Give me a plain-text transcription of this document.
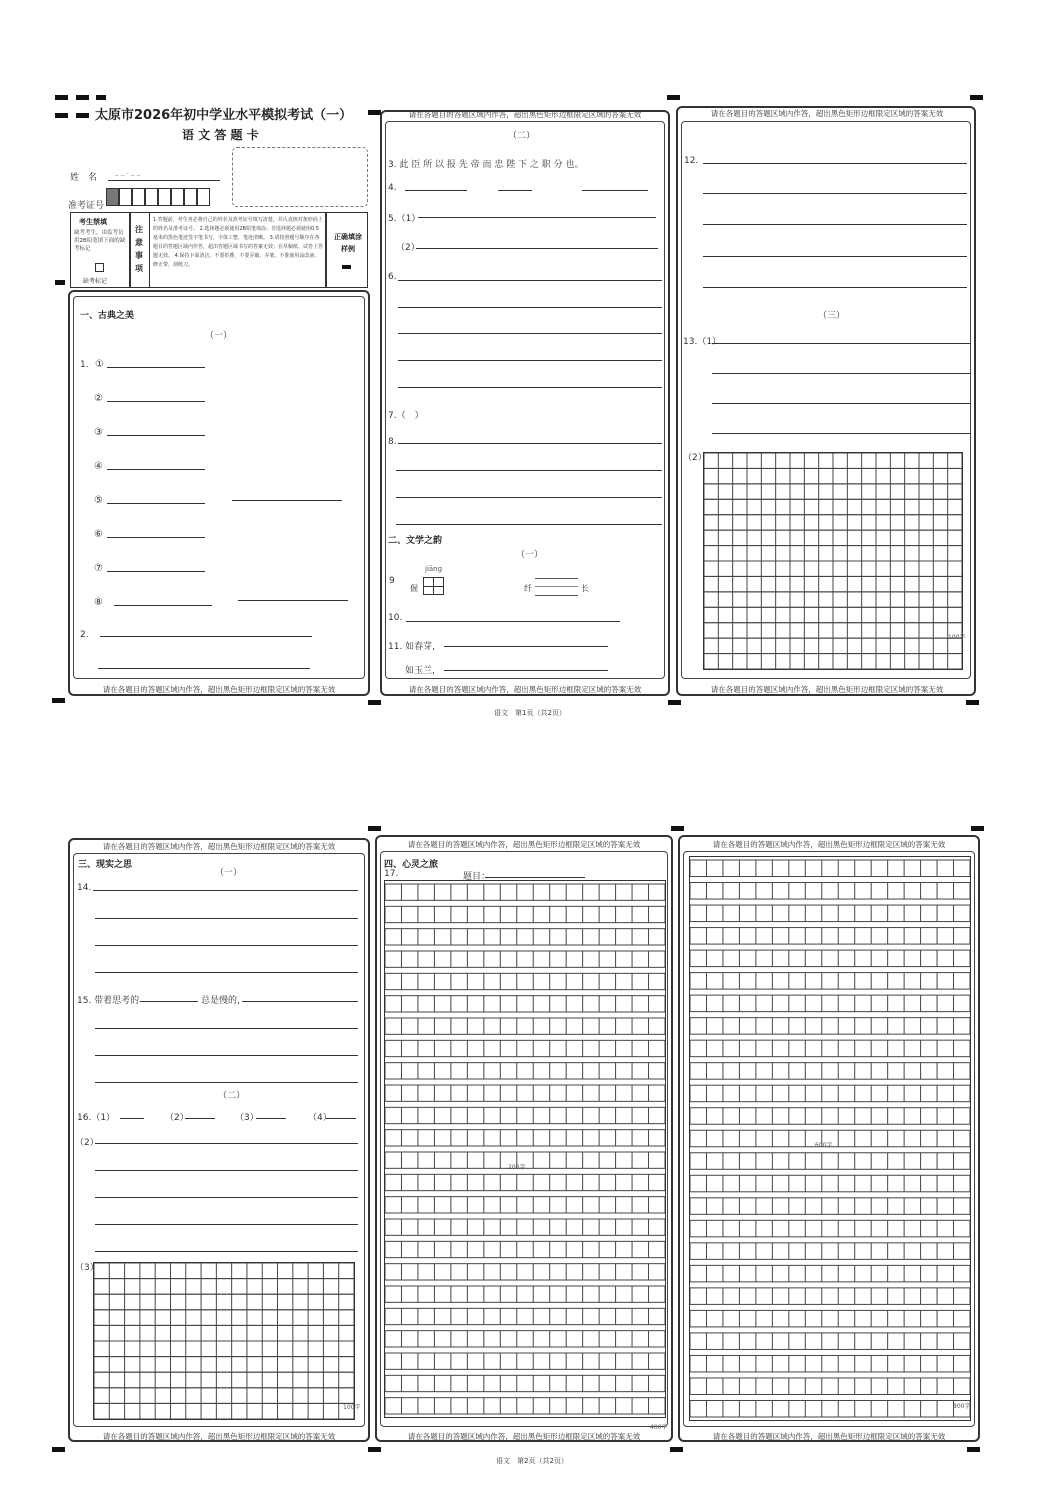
太原市2026年初中学业水平模拟考试（一）
语 文 答 题 卡
姓　名
_ _ . _ _
准考证号
考生禁填
缺考考生，由监考员用2B铅笔填下面的缺考标记
缺考标记
注意事项
1.答题前，考生务必将自己的姓名及准考证号填写清楚，并认真核对条形码上的姓名及准考证号。 2.选择题必须使用2B铅笔填涂；非选择题必须使用0.5毫米的黑色笔迹签字笔书写，字体工整，笔迹清晰。 3.请按照题号顺序在各题目的答题区域内作答，超出答题区域书写的答案无效；在草稿纸、试卷上答题无效。 4.保持卡面清洁，不要折叠，不要弄破、弄皱，不准使用涂改液、修正带、刮纸刀。
正确填涂样例
请在各题目的答题区域内作答，超出黑色矩形边框限定区域的答案无效
一、古典之美
（一）
1. ①
②
③
④
⑤
⑥
⑦
⑧
2.
请在各题目的答题区域内作答，超出黑色矩形边框限定区域的答案无效
请在各题目的答题区域内作答，超出黑色矩形边框限定区域的答案无效
（二）
3. 此 臣 所 以 报 先 帝 而 忠 陛 下 之 职 分 也。
4.
5.（1）
（2）
6.
7.（　）
8.
二、文学之韵
（一）
9
jiāng
倔	纤	长
10.
11. 如春芽，
如玉兰，
请在各题目的答题区域内作答，超出黑色矩形边框限定区域的答案无效
请在各题目的答题区域内作答，超出黑色矩形边框限定区域的答案无效
12.
（三）
13.（1）
（2）
100字
语文　第1页（共2页）
请在各题目的答题区域内作答，超出黑色矩形边框限定区域的答案无效
请在各题目的答题区域内作答，超出黑色矩形边框限定区域的答案无效
三、现实之思
（一）
14.
15. 带着思考的	总是慢的，
（二）
16.（1）	（2）	（3）	（4）
（2）
（3）
100字
请在各题目的答题区域内作答，超出黑色矩形边框限定区域的答案无效
请在各题目的答题区域内作答，超出黑色矩形边框限定区域的答案无效
四、心灵之旅
17.	题目：
200字
400字
请在各题目的答题区域内作答，超出黑色矩形边框限定区域的答案无效
请在各题目的答题区域内作答，超出黑色矩形边框限定区域的答案无效
600字
800字
语文　第2页（共2页）
